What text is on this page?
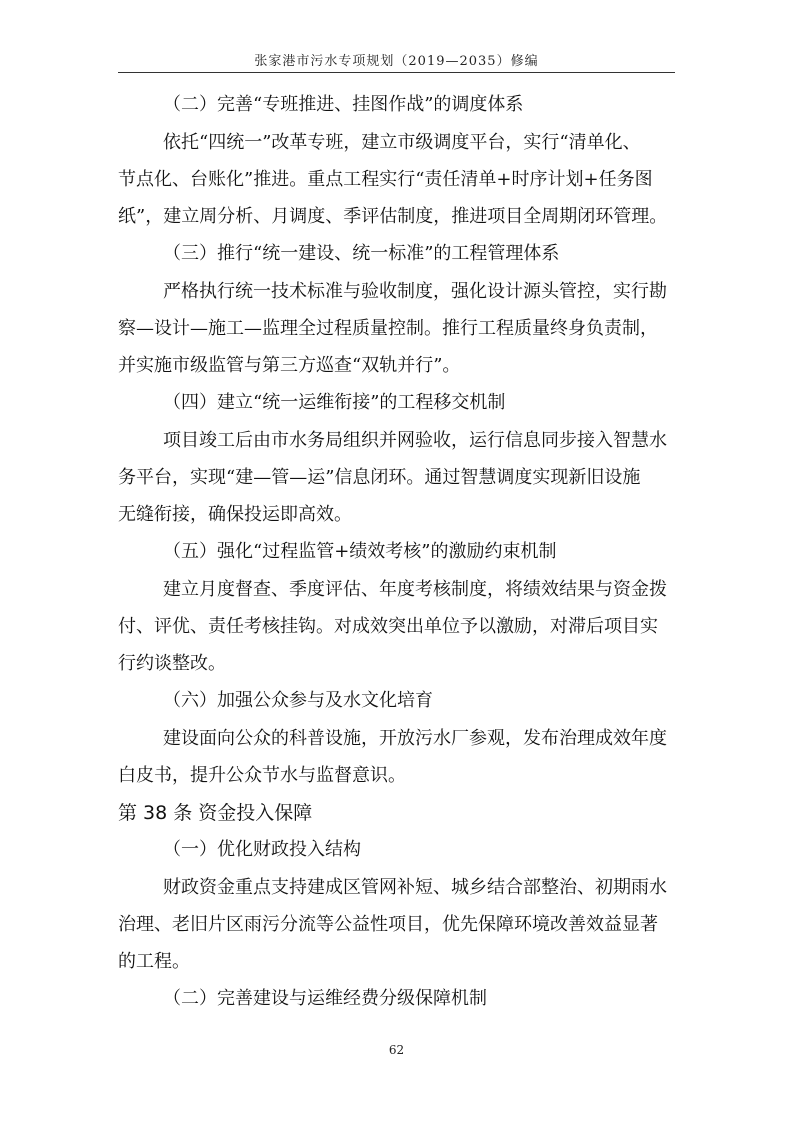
张家港市污水专项规划（2019—2035）修编
（二）完善“专班推进、挂图作战”的调度体系
依托“四统一”改革专班，建立市级调度平台，实行“清单化、
节点化、台账化”推进。重点工程实行“责任清单+时序计划+任务图
纸”，建立周分析、月调度、季评估制度，推进项目全周期闭环管理。
（三）推行“统一建设、统一标准”的工程管理体系
严格执行统一技术标准与验收制度，强化设计源头管控，实行勘
察—设计—施工—监理全过程质量控制。推行工程质量终身负责制，
并实施市级监管与第三方巡查“双轨并行”。
（四）建立“统一运维衔接”的工程移交机制
项目竣工后由市水务局组织并网验收，运行信息同步接入智慧水
务平台，实现“建—管—运”信息闭环。通过智慧调度实现新旧设施
无缝衔接，确保投运即高效。
（五）强化“过程监管+绩效考核”的激励约束机制
建立月度督查、季度评估、年度考核制度，将绩效结果与资金拨
付、评优、责任考核挂钩。对成效突出单位予以激励，对滞后项目实
行约谈整改。
（六）加强公众参与及水文化培育
建设面向公众的科普设施，开放污水厂参观，发布治理成效年度
白皮书，提升公众节水与监督意识。
第 38 条 资金投入保障
（一）优化财政投入结构
财政资金重点支持建成区管网补短、城乡结合部整治、初期雨水
治理、老旧片区雨污分流等公益性项目，优先保障环境改善效益显著
的工程。
（二）完善建设与运维经费分级保障机制
62
